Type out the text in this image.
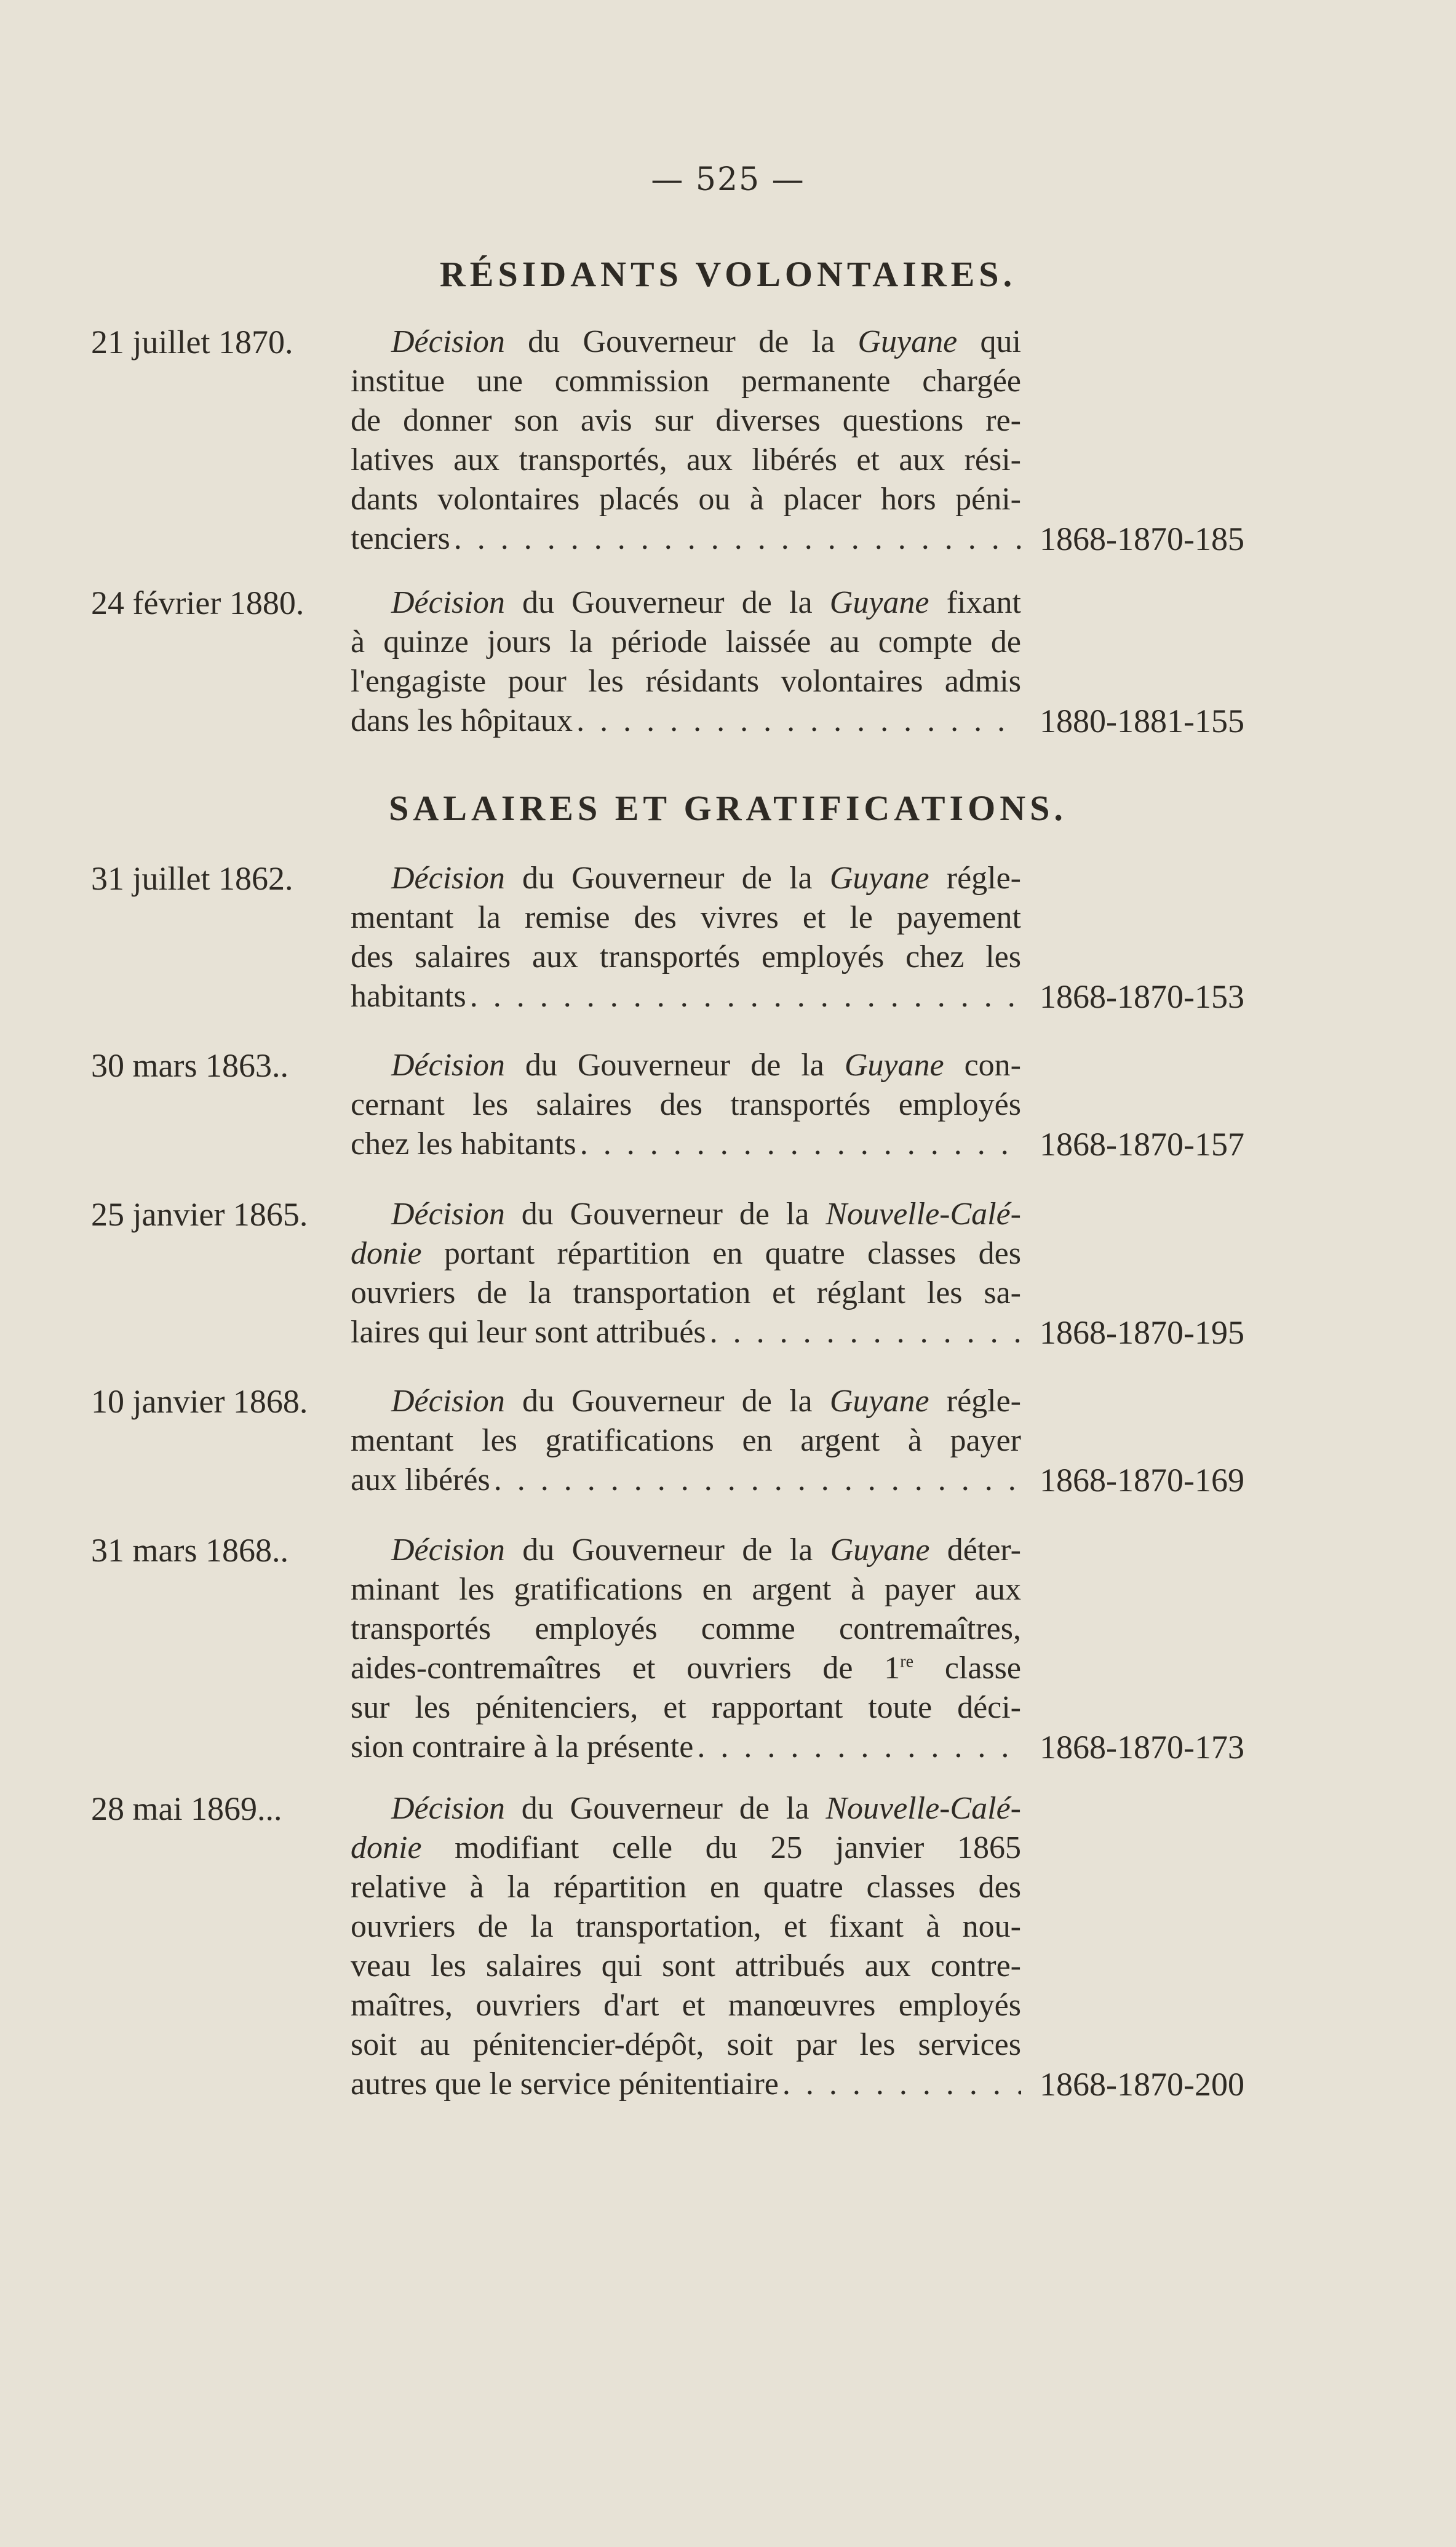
— 525 —
RÉSIDANTS VOLONTAIRES.
21 juillet 1870.	Décision du Gouverneur de la Guyane qui
institue une commission permanente chargée
de donner son avis sur diverses questions re-
latives aux transportés, aux libérés et aux rési-
dants volontaires placés ou à placer hors péni-
tenciers . . .	1868-1870-185
24 février 1880.	Décision du Gouverneur de la Guyane fixant
à quinze jours la période laissée au compte de
l'engagiste pour les résidants volontaires admis
dans les hôpitaux . . .	1880-1881-155
SALAIRES ET GRATIFICATIONS.
31 juillet 1862.	Décision du Gouverneur de la Guyane régle-
mentant la remise des vivres et le payement
des salaires aux transportés employés chez les
habitants . . .	1868-1870-153
30 mars 1863..	Décision du Gouverneur de la Guyane con-
cernant les salaires des transportés employés
chez les habitants . . .	1868-1870-157
25 janvier 1865.	Décision du Gouverneur de la Nouvelle-Calé-
donie portant répartition en quatre classes des
ouvriers de la transportation et réglant les sa-
laires qui leur sont attribués . . .	1868-1870-195
10 janvier 1868.	Décision du Gouverneur de la Guyane régle-
mentant les gratifications en argent à payer
aux libérés . . .	1868-1870-169
31 mars 1868..	Décision du Gouverneur de la Guyane déter-
minant les gratifications en argent à payer aux
transportés employés comme contremaîtres,
aides-contremaîtres et ouvriers de 1re classe
sur les pénitenciers, et rapportant toute déci-
sion contraire à la présente . . .	1868-1870-173
28 mai 1869...	Décision du Gouverneur de la Nouvelle-Calé-
donie modifiant celle du 25 janvier 1865
relative à la répartition en quatre classes des
ouvriers de la transportation, et fixant à nou-
veau les salaires qui sont attribués aux contre-
maîtres, ouvriers d'art et manœuvres employés
soit au pénitencier-dépôt, soit par les services
autres que le service pénitentiaire . . .	1868-1870-200
